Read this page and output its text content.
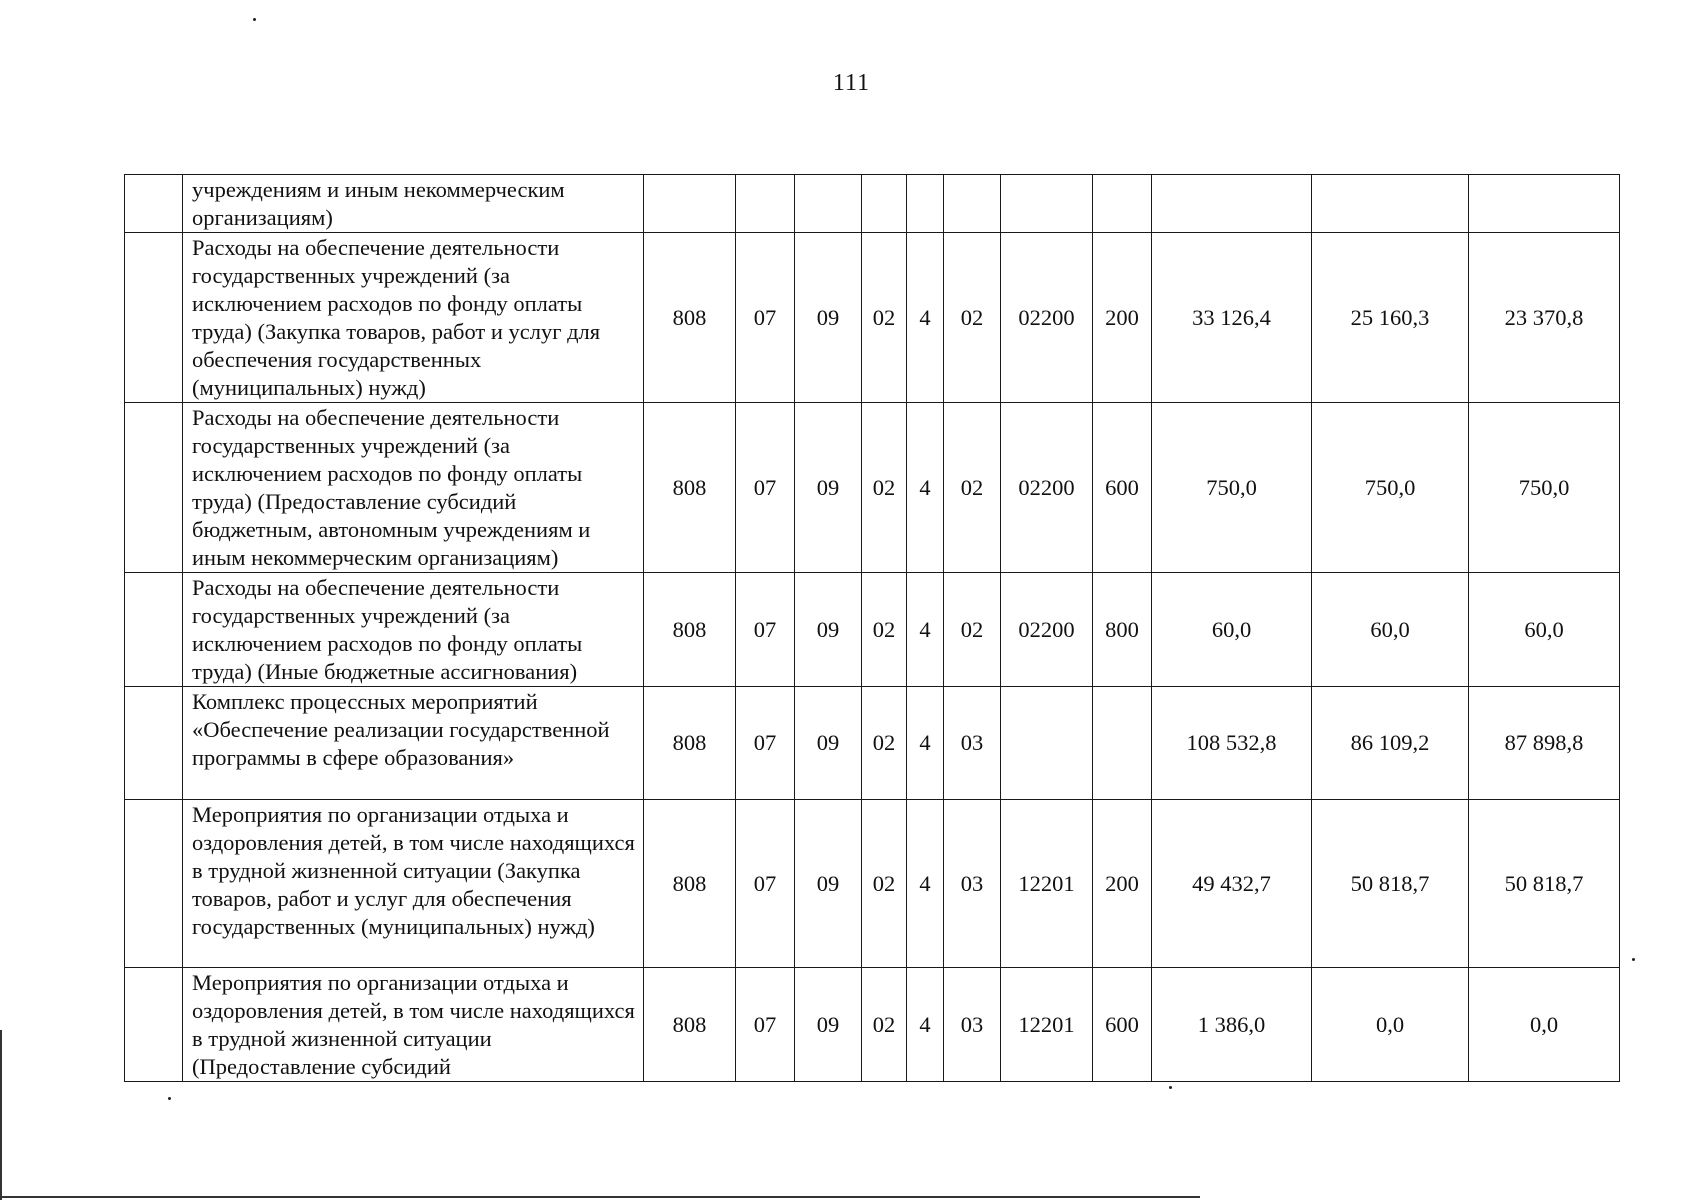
111
	учреждениям и иным некоммерческим организациям)											
	Расходы на обеспечение деятельности государственных учреждений (за исключением расходов по фонду оплаты труда) (Закупка товаров, работ и услуг для обеспечения государственных (муниципальных) нужд)	808	07	09	02	4	02	02200	200	33 126,4	25 160,3	23 370,8
	Расходы на обеспечение деятельности государственных учреждений (за исключением расходов по фонду оплаты труда) (Предоставление субсидий бюджетным, автономным учреждениям и иным некоммерческим организациям)	808	07	09	02	4	02	02200	600	750,0	750,0	750,0
	Расходы на обеспечение деятельности государственных учреждений (за исключением расходов по фонду оплаты труда) (Иные бюджетные ассигнования)	808	07	09	02	4	02	02200	800	60,0	60,0	60,0
	Комплекс процессных мероприятий «Обеспечение реализации государственной программы в сфере образования»	808	07	09	02	4	03			108 532,8	86 109,2	87 898,8
	Мероприятия по организации отдыха и оздоровления детей, в том числе находящихся в трудной жизненной ситуации (Закупка товаров, работ и услуг для обеспечения государственных (муниципальных) нужд)	808	07	09	02	4	03	12201	200	49 432,7	50 818,7	50 818,7
	Мероприятия по организации отдыха и оздоровления детей, в том числе находящихся в трудной жизненной ситуации (Предоставление субсидий	808	07	09	02	4	03	12201	600	1 386,0	0,0	0,0
